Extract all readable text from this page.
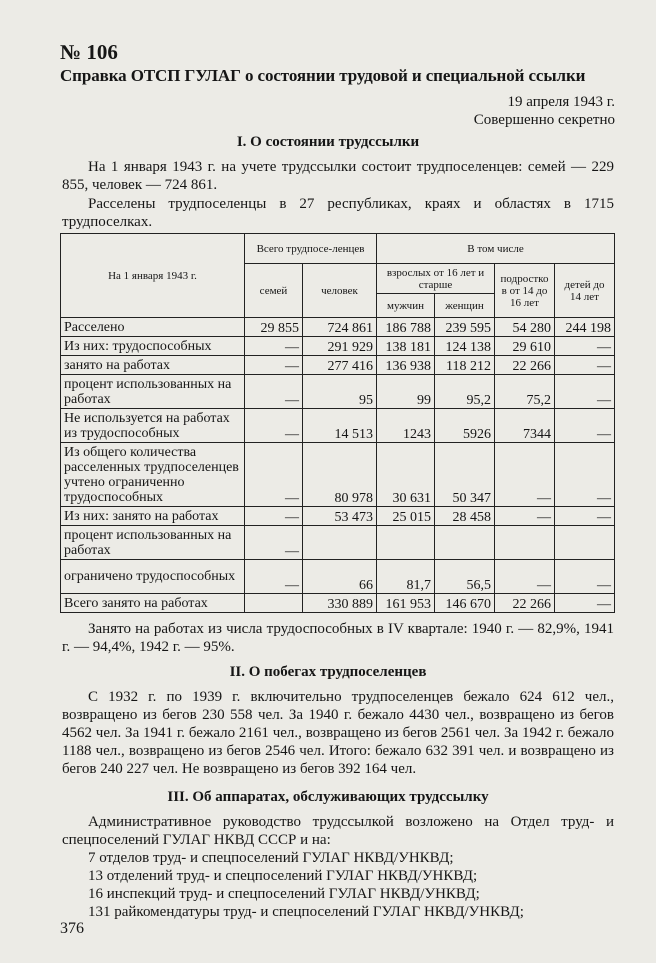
№ 106
Справка ОТСП ГУЛАГ о состоянии трудовой и специальной ссылки
19 апреля 1943 г.
Совершенно секретно
I. О состоянии трудссылки
На 1 января 1943 г. на учете трудссылки состоит трудпоселенцев: семей — 229 855, человек — 724 861.
Расселены трудпоселенцы в 27 республиках, краях и областях в 1715 трудпоселках.
На 1 января 1943 г.	Всего трудпосе-ленцев		В том числе			
	семей	человек	взрослых от 16 лет и старше		подростко в от 14 до 16 лет	детей до 14 лет
			мужчин	женщин		
Расселено	29 855	724 861	186 788	239 595	54 280	244 198
Из них: трудоспособных	—	291 929	138 181	124 138	29 610	—
занято на работах	—	277 416	136 938	118 212	22 266	—
процент использованных на работах	—	95	99	95,2	75,2	—
Не используется на работах из трудоспособных	—	14 513	1243	5926	7344	—
Из общего количества расселенных трудпоселенцев учтено ограниченно трудоспособных	—	80 978	30 631	50 347	—	—
Из них: занято на работах	—	53 473	25 015	28 458	—	—
процент использованных на работах	—					
ограничено трудоспособных	—	66	81,7	56,5	—	—
Всего занято на работах		330 889	161 953	146 670	22 266	—
Занято на работах из числа трудоспособных в IV квартале: 1940 г. — 82,9%, 1941 г. — 94,4%, 1942 г. — 95%.
II. О побегах трудпоселенцев
С 1932 г. по 1939 г. включительно трудпоселенцев бежало 624 612 чел., возвращено из бегов 230 558 чел. За 1940 г. бежало 4430 чел., возвращено из бегов 4562 чел. За 1941 г. бежало 2161 чел., возвращено из бегов 2561 чел. За 1942 г. бежало 1188 чел., возвращено из бегов 2546 чел. Итого: бежало 632 391 чел. и возвращено из бегов 240 227 чел. Не возвращено из бегов 392 164 чел.
III. Об аппаратах, обслуживающих трудссылку
Административное руководство трудссылкой возложено на Отдел труд- и спецпоселений ГУЛАГ НКВД СССР и на:
7 отделов труд- и спецпоселений ГУЛАГ НКВД/УНКВД;
13 отделений труд- и спецпоселений ГУЛАГ НКВД/УНКВД;
16 инспекций труд- и спецпоселений ГУЛАГ НКВД/УНКВД;
131 райкомендатуры труд- и спецпоселений ГУЛАГ НКВД/УНКВД;
376
